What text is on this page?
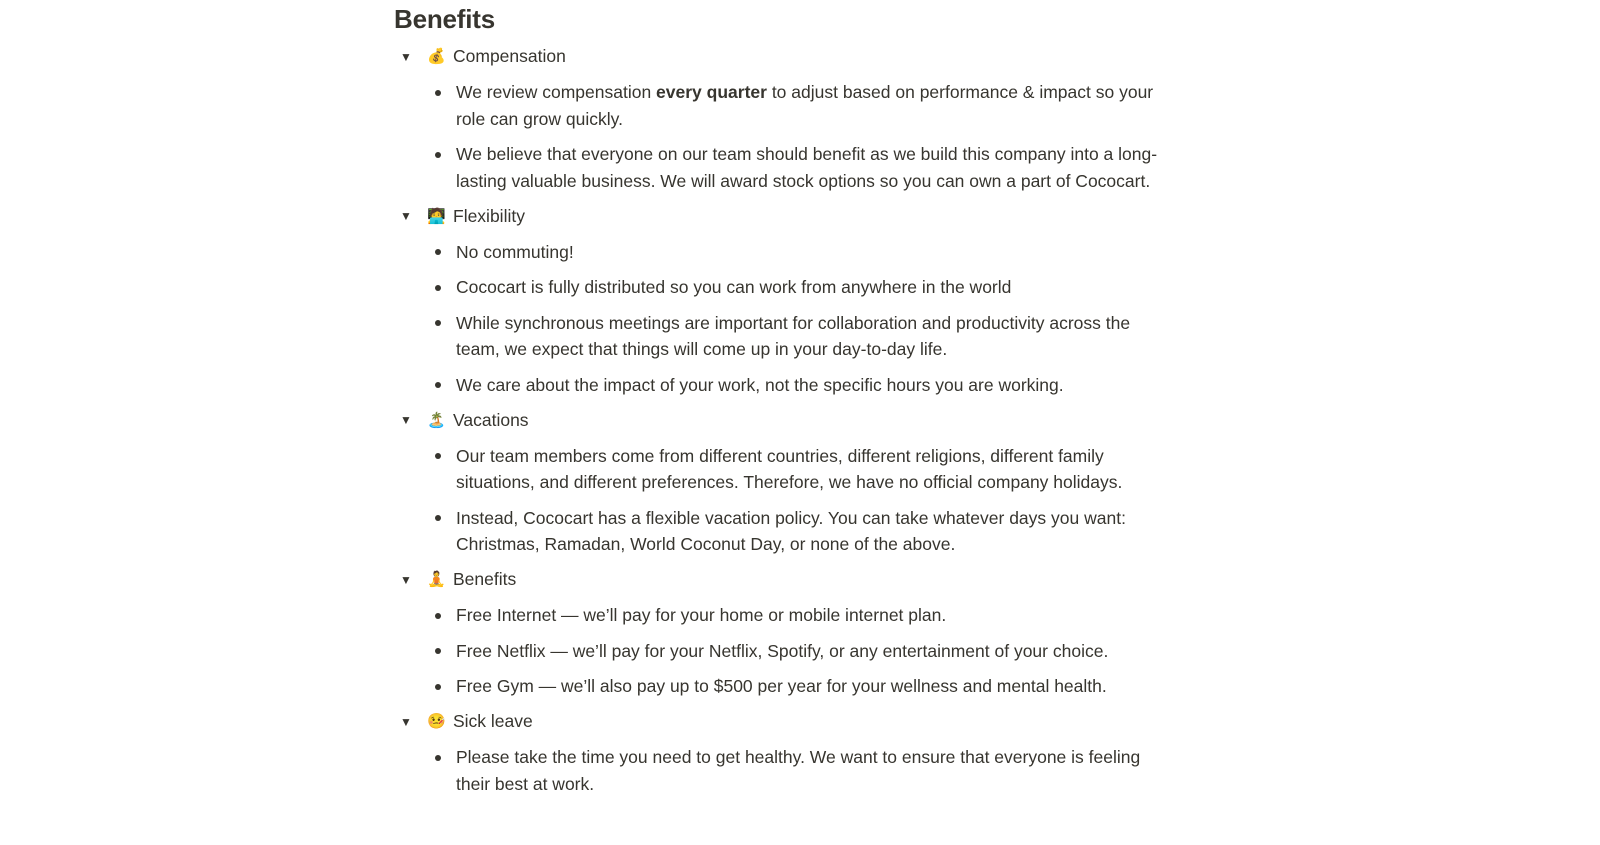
Benefits
▼ 💰 Compensation
We review compensation every quarter to adjust based on performance & impact so your role can grow quickly.
We believe that everyone on our team should benefit as we build this company into a long-lasting valuable business. We will award stock options so you can own a part of Cococart.
▼ 🧑‍💻 Flexibility
No commuting!
Cococart is fully distributed so you can work from anywhere in the world
While synchronous meetings are important for collaboration and productivity across the team, we expect that things will come up in your day-to-day life.
We care about the impact of your work, not the specific hours you are working.
▼ 🏝️ Vacations
Our team members come from different countries, different religions, different family situations, and different preferences. Therefore, we have no official company holidays.
Instead, Cococart has a flexible vacation policy. You can take whatever days you want: Christmas, Ramadan, World Coconut Day, or none of the above.
▼ 🧘 Benefits
Free Internet — we’ll pay for your home or mobile internet plan.
Free Netflix — we’ll pay for your Netflix, Spotify, or any entertainment of your choice.
Free Gym — we’ll also pay up to $500 per year for your wellness and mental health.
▼ 🤒 Sick leave
Please take the time you need to get healthy. We want to ensure that everyone is feeling their best at work.
